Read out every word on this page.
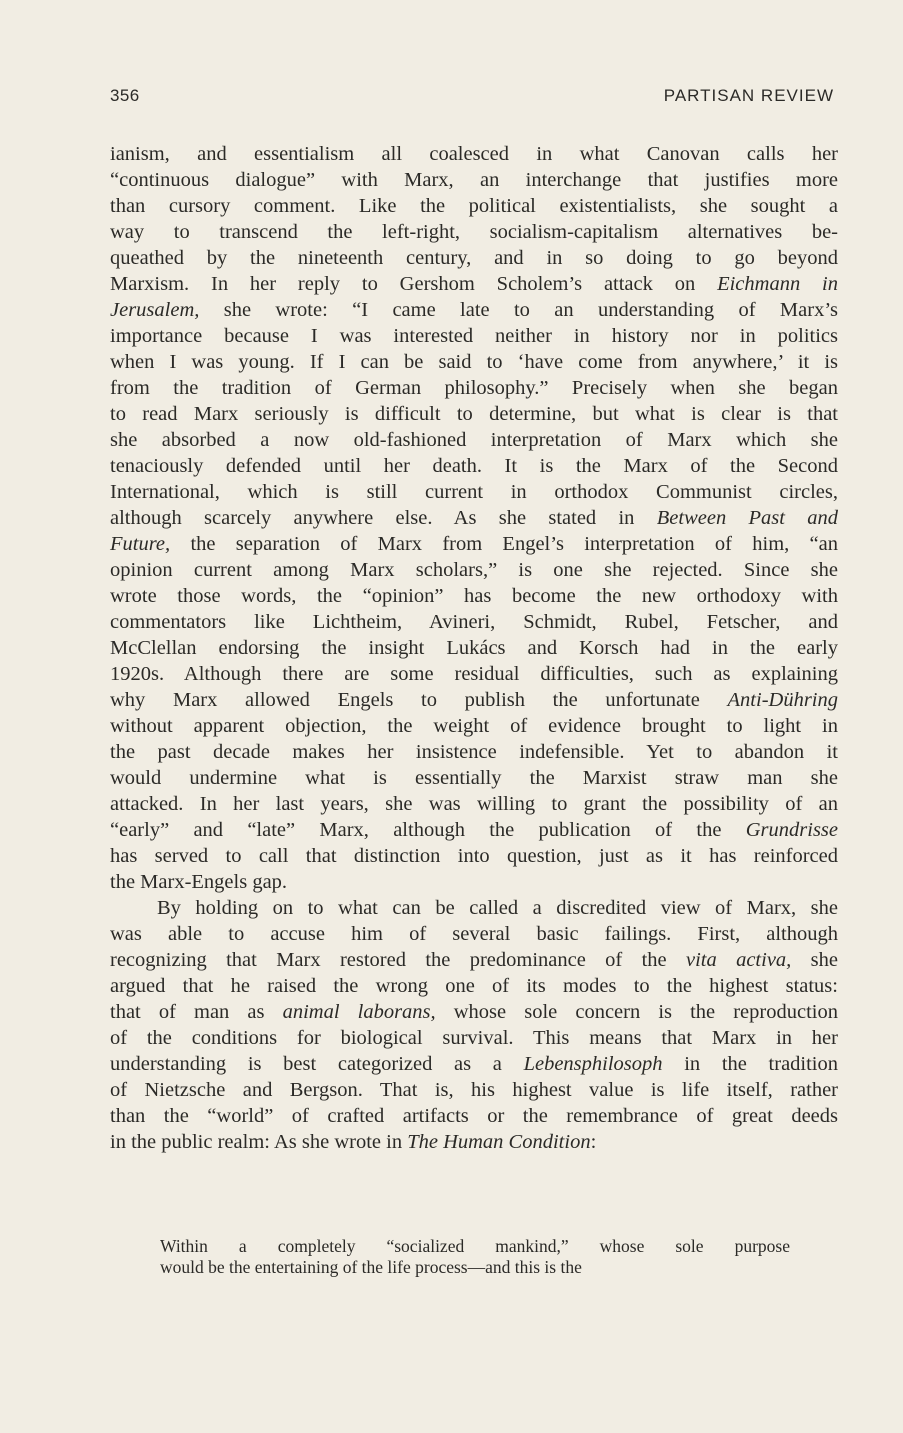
356	PARTISAN REVIEW
ianism, and essentialism all coalesced in what Canovan calls her
“continuous dialogue” with Marx, an interchange that justifies more
than cursory comment. Like the political existentialists, she sought a
way to transcend the left-right, socialism-capitalism alternatives be-
queathed by the nineteenth century, and in so doing to go beyond
Marxism. In her reply to Gershom Scholem’s attack on Eichmann in
Jerusalem, she wrote: “I came late to an understanding of Marx’s
importance because I was interested neither in history nor in politics
when I was young. If I can be said to ‘have come from anywhere,’ it is
from the tradition of German philosophy.” Precisely when she began
to read Marx seriously is difficult to determine, but what is clear is that
she absorbed a now old-fashioned interpretation of Marx which she
tenaciously defended until her death. It is the Marx of the Second
International, which is still current in orthodox Communist circles,
although scarcely anywhere else. As she stated in Between Past and
Future, the separation of Marx from Engel’s interpretation of him, “an
opinion current among Marx scholars,” is one she rejected. Since she
wrote those words, the “opinion” has become the new orthodoxy with
commentators like Lichtheim, Avineri, Schmidt, Rubel, Fetscher, and
McClellan endorsing the insight Lukács and Korsch had in the early
1920s. Although there are some residual difficulties, such as explaining
why Marx allowed Engels to publish the unfortunate Anti-Dühring
without apparent objection, the weight of evidence brought to light in
the past decade makes her insistence indefensible. Yet to abandon it
would undermine what is essentially the Marxist straw man she
attacked. In her last years, she was willing to grant the possibility of an
“early” and “late” Marx, although the publication of the Grundrisse
has served to call that distinction into question, just as it has reinforced
the Marx-Engels gap.
By holding on to what can be called a discredited view of Marx, she
was able to accuse him of several basic failings. First, although
recognizing that Marx restored the predominance of the vita activa, she
argued that he raised the wrong one of its modes to the highest status:
that of man as animal laborans, whose sole concern is the reproduction
of the conditions for biological survival. This means that Marx in her
understanding is best categorized as a Lebensphilosoph in the tradition
of Nietzsche and Bergson. That is, his highest value is life itself, rather
than the “world” of crafted artifacts or the remembrance of great deeds
in the public realm: As she wrote in The Human Condition:
Within a completely “socialized mankind,” whose sole purpose
would be the entertaining of the life process—and this is the
